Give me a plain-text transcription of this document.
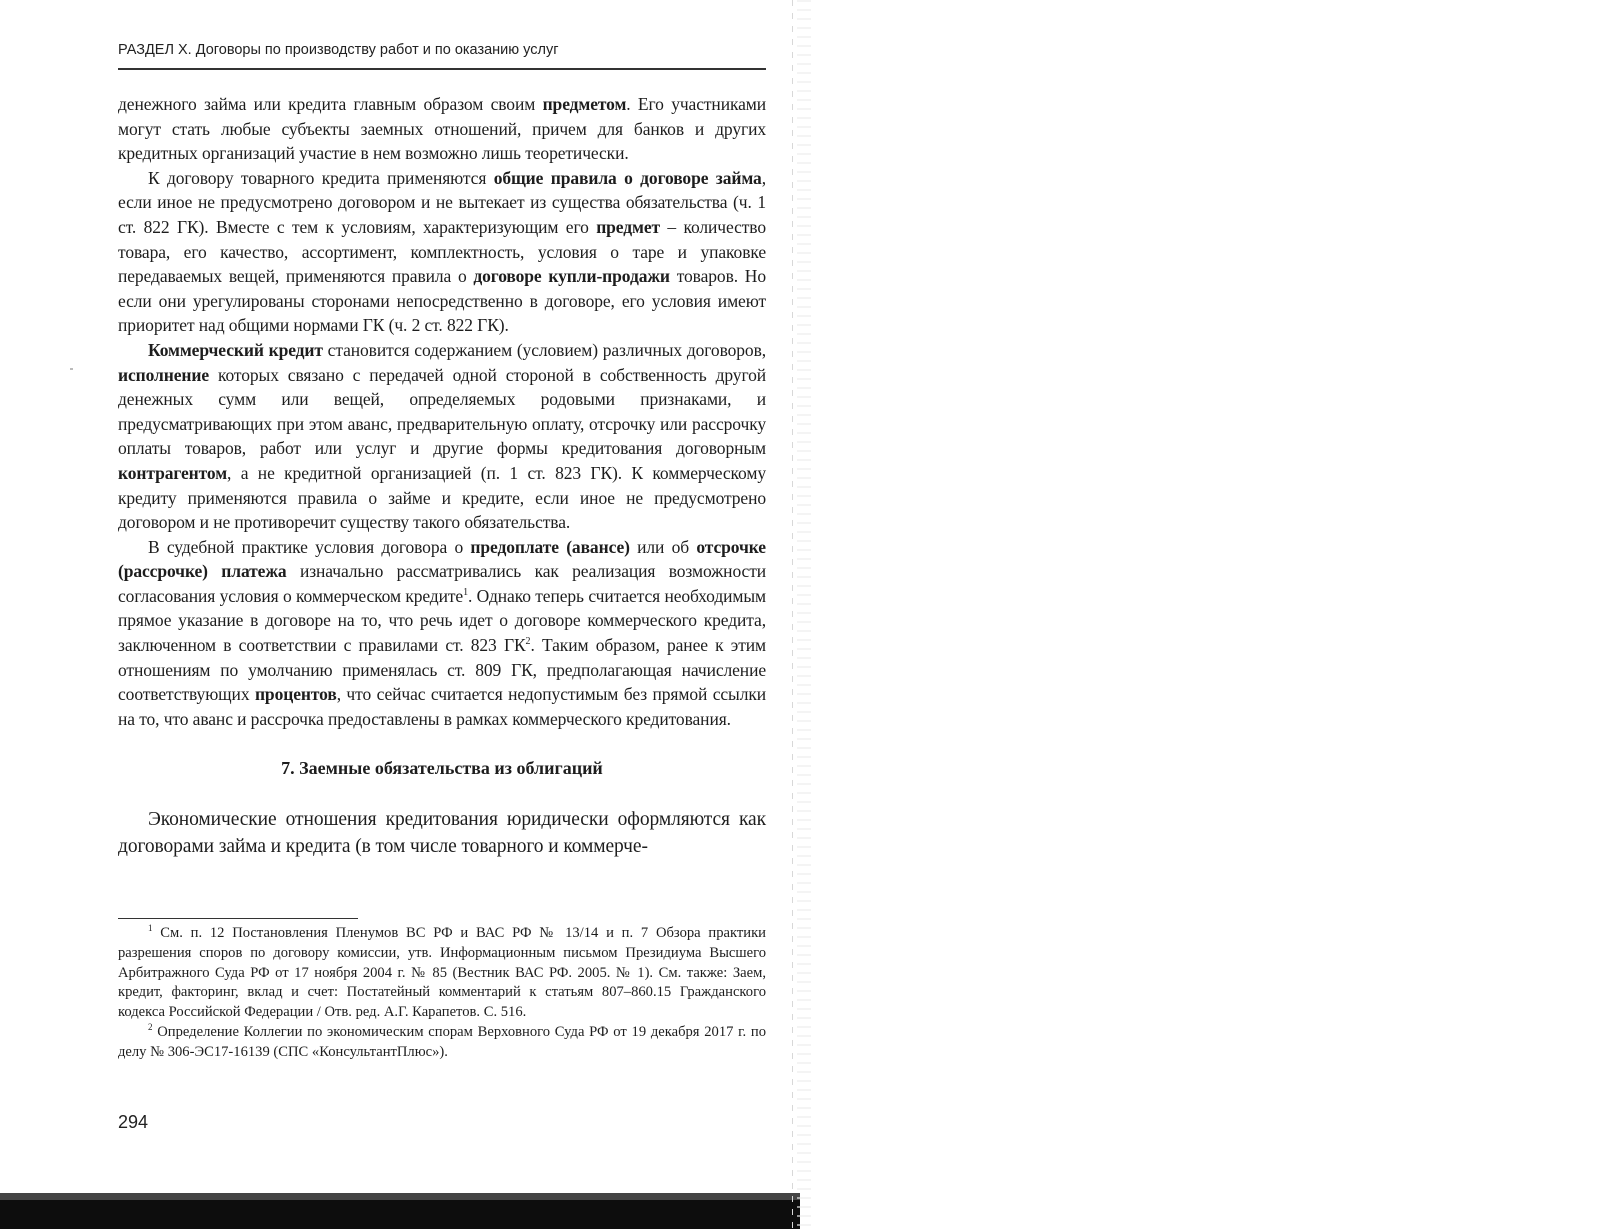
РАЗДЕЛ X. Договоры по производству работ и по оказанию услуг

денежного займа или кредита главным образом своим предметом. Его участниками могут стать любые субъекты заемных отношений, причем для банков и других кредитных организаций участие в нем возможно лишь теоретически.

К договору товарного кредита применяются общие правила о договоре займа, если иное не предусмотрено договором и не вытекает из существа обязательства (ч. 1 ст. 822 ГК). Вместе с тем к условиям, характеризующим его предмет – количество товара, его качество, ассортимент, комплектность, условия о таре и упаковке передаваемых вещей, применяются правила о договоре купли-продажи товаров. Но если они урегулированы сторонами непосредственно в договоре, его условия имеют приоритет над общими нормами ГК (ч. 2 ст. 822 ГК).

Коммерческий кредит становится содержанием (условием) различных договоров, исполнение которых связано с передачей одной стороной в собственность другой денежных сумм или вещей, определяемых родовыми признаками, и предусматривающих при этом аванс, предварительную оплату, отсрочку или рассрочку оплаты товаров, работ или услуг и другие формы кредитования договорным контрагентом, а не кредитной организацией (п. 1 ст. 823 ГК). К коммерческому кредиту применяются правила о займе и кредите, если иное не предусмотрено договором и не противоречит существу такого обязательства.

В судебной практике условия договора о предоплате (авансе) или об отсрочке (рассрочке) платежа изначально рассматривались как реализация возможности согласования условия о коммерческом кредите$^1$. Однако теперь считается необходимым прямое указание в договоре на то, что речь идет о договоре коммерческого кредита, заключенном в соответствии с правилами ст. 823 $ГК^2$. Таким образом, ранее к этим отношениям по умолчанию применялась ст. 809 ГК, предполагающая начисление соответствующих процентов, что сейчас считается недопустимым без прямой ссылки на то, что аванс и рассрочка предоставлены в рамках коммерческого кредитования.

7. Заемные обязательства из облигаций

Экономические отношения кредитования юридически оформляются как договорами займа и кредита (в том числе товарного и коммерче-

$^1$ См. п. 12 Постановления Пленумов ВС РФ и ВАС РФ № 13/14 и п. 7 Обзора практики разрешения споров по договору комиссии, утв. Информационным письмом Президиума Высшего Арбитражного Суда РФ от 17 ноября 2004 г. № 85 (Вестник ВАС РФ. 2005. № 1). См. также: Заем, кредит, факторинг, вклад и счет: Постатейный комментарий к статьям 807–860.15 Гражданского кодекса Российской Федерации / Отв. ред. А.Г. Карапетов. С. 516.

$^2$ Определение Коллегии по экономическим спорам Верховного Суда РФ от 19 декабря 2017 г. по делу № 306-ЭС17-16139 (СПС «КонсультантПлюс»).

294
